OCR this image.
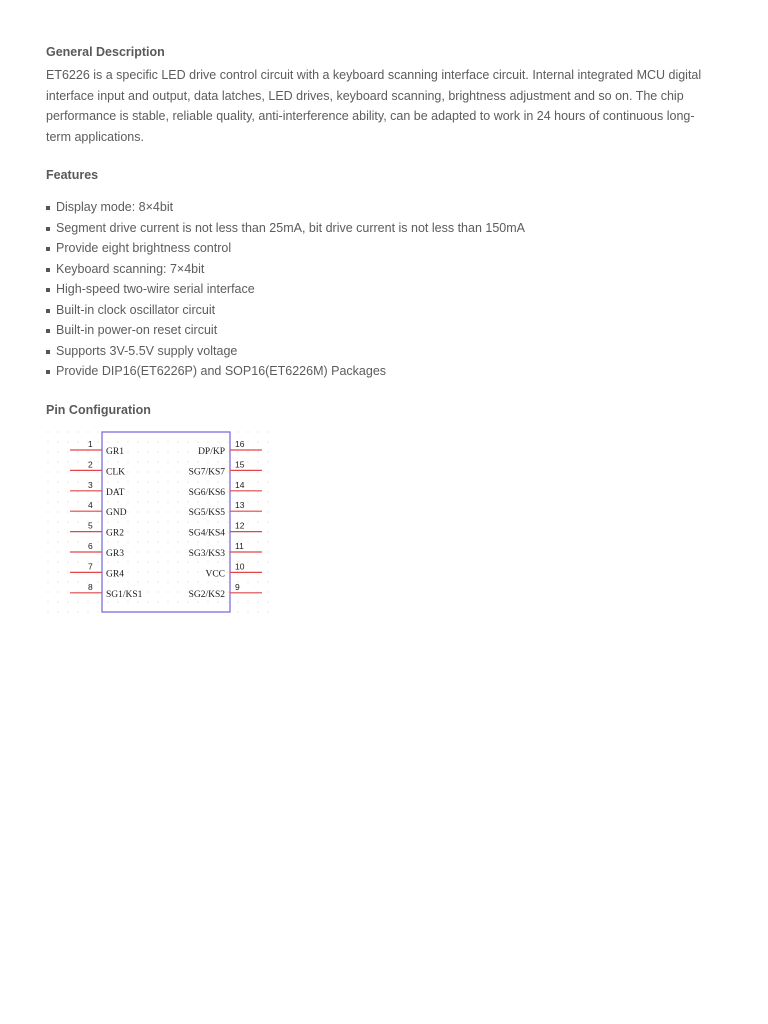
General Description

ET6226 is a specific LED drive control circuit with a keyboard scanning interface circuit. Internal integrated MCU digital interface input and output, data latches, LED drives, keyboard scanning, brightness adjustment and so on. The chip performance is stable, reliable quality, anti-interference ability, can be adapted to work in 24 hours of continuous long-term applications.

Features
Display mode: 8×4bit
Segment drive current is not less than 25mA, bit drive current is not less than 150mA
Provide eight brightness control
Keyboard scanning: 7×4bit
High-speed two-wire serial interface
Built-in clock oscillator circuit
Built-in power-on reset circuit
Supports 3V-5.5V supply voltage
Provide DIP16(ET6226P) and SOP16(ET6226M) Packages
Pin Configuration
1
GR1
2
CLK
3
DAT
4
GND
5
GR2
6
GR3
7
GR4
8
SG1/KS1
16
DP/KP
15
SG7/KS7
14
SG6/KS6
13
SG5/KS5
12
SG4/KS4
11
SG3/KS3
10
VCC
9
SG2/KS2
